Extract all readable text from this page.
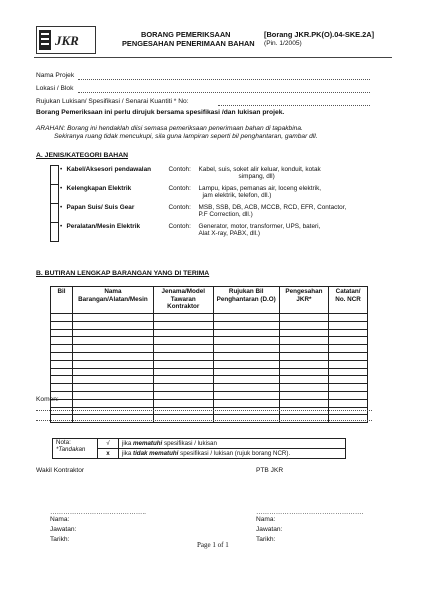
JKR	BORANG PEMERIKSAAN
PENGESAHAN PENERIMAAN BAHAN
[Borang JKR.PK(O).04-SKE.2A]
(Pin. 1/2005)
Nama Projek
Lokasi / Blok
Rujukan Lukisan/ Spesifikasi / Senarai Kuantiti * No:
Borang Pemeriksaan ini perlu dirujuk bersama spesifikasi /dan lukisan projek.
ARAHAN: Borang ini hendaklah diisi semasa pemeriksaan penerimaan bahan di tapakbina.
Sekiranya ruang tidak mencukupi, sila guna lampiran seperti bil penghantaran, gambar dll.
A. JENIS/KATEGORI BAHAN
	•	Kabel/Aksesori pendawalan	Contoh:	Kabel, suis, soket alir keluar, konduit, kotak
simpang, dll)
	•	Kelengkapan Elektrik	Contoh:	Lampu, kipas, pemanas air, loceng elektrik,
jam elektrik, telefon, dll.)
	•	Papan Suis/ Suis Gear	Contoh:	MSB, SSB, DB, ACB, MCCB, RCD, EFR, Contactor,
P.F Correction, dll.)
	•	Peralatan/Mesin Elektrik	Contoh:	Generator, motor, transformer, UPS, bateri,
Alat X-ray, PABX, dll.)
B. BUTIRAN LENGKAP BARANGAN YANG DI TERIMA
Bil	Nama Barangan/Alatan/Mesin	Jenama/Model Tawaran Kontraktor	Rujukan Bil Penghantaran (D.O)	Pengesahan JKR*	Catatan/ No. NCR

Komen:
Nota:
*Tandakan	√	jika mematuhi spesifikasi / lukisan
	x	jika tidak mematuhi spesifikasi / lukisan (rujuk borang NCR).
Wakil Kontraktor	PTB JKR
……………………………………..	………………………………………….
Nama:
Jawatan:
Tarikh:
Nama:
Jawatan:
Tarikh:
Page 1 of 1
